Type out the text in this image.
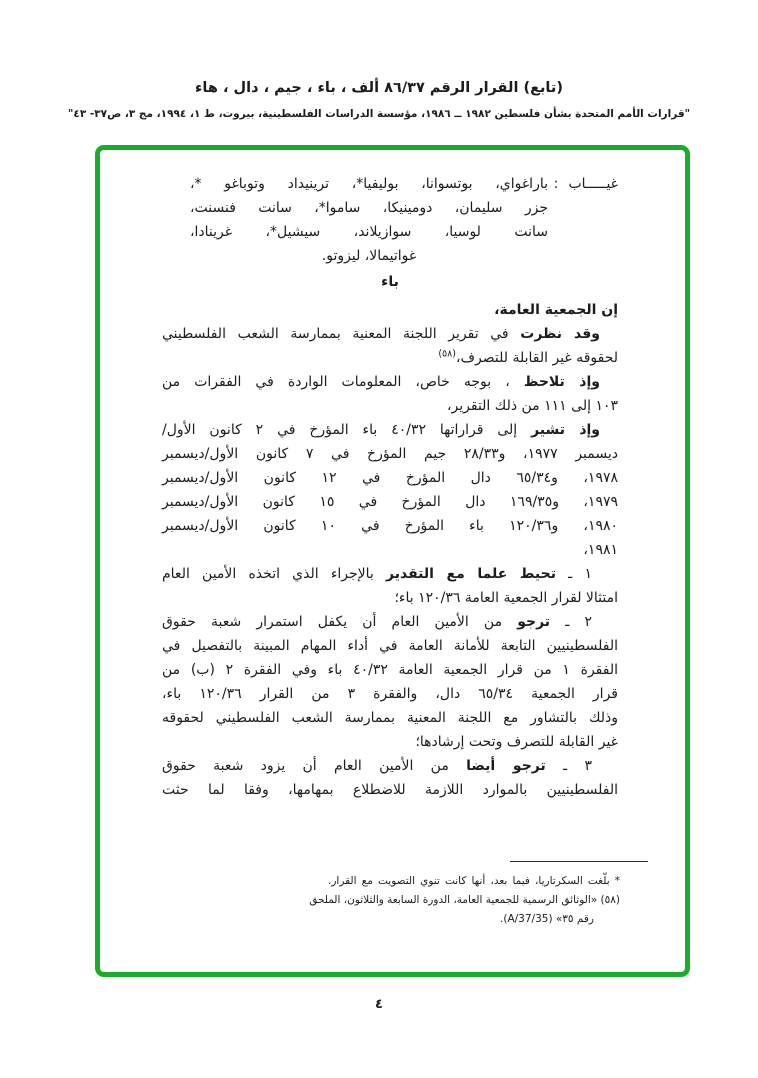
(تابع) القرار الرقم ٨٦/٣٧ ألف ، باء ، جيم ، دال ، هاء
"قرارات الأمم المتحدة بشأن فلسطين ١٩٨٢ ــ ١٩٨٦، مؤسسة الدراسات الفلسطينية، بيروت، ط ١، ١٩٩٤، مج ٣، ص٣٧- ٤٣"
غيـــــاب
:
باراغواي، بوتسوانا، بوليفيا*، ترينيداد وتوباغو *،
جزر سليمان، دومينيكا، ساموا*، سانت فنسنت،
سانت لوسيا، سوازيلاند، سيشيل*، غرينادا،
غواتيمالا، ليزوتو.
باء
إن الجمعية العامة،
وقد نظرت في تقرير اللجنة المعنية بممارسة الشعب الفلسطيني
لحقوقه غير القابلة للتصرف،$^{(٥٨)}$
وإذ تلاحظ ، بوجه خاص، المعلومات الواردة في الفقرات من
١٠٣ إلى ١١١ من ذلك التقرير،
وإذ تشير إلى قراراتها ٤٠/٣٢ باء المؤرخ في ٢ كانون الأول/
ديسمبر ١٩٧٧، و٢٨/٣٣ جيم المؤرخ في ٧ كانون الأول/ديسمبر
١٩٧٨، و٦٥/٣٤ دال المؤرخ في ١٢ كانون الأول/ديسمبر
١٩٧٩، و١٦٩/٣٥ دال المؤرخ في ١٥ كانون الأول/ديسمبر
١٩٨٠، و١٢٠/٣٦ باء المؤرخ في ١٠ كانون الأول/ديسمبر
١٩٨١،
١ ـ تحيط علما مع التقدير بالإجراء الذي اتخذه الأمين العام
امتثالا لقرار الجمعية العامة ١٢٠/٣٦ باء؛
٢ ـ ترجو من الأمين العام أن يكفل استمرار شعبة حقوق
الفلسطينيين التابعة للأمانة العامة في أداء المهام المبينة بالتفصيل في
الفقرة ١ من قرار الجمعية العامة ٤٠/٣٢ باء وفي الفقرة ٢ (ب) من
قرار الجمعية ٦٥/٣٤ دال، والفقرة ٣ من القرار ١٢٠/٣٦ باء،
وذلك بالتشاور مع اللجنة المعنية بممارسة الشعب الفلسطيني لحقوقه
غير القابلة للتصرف وتحت إرشادها؛
٣ ـ ترجو أيضا من الأمين العام أن يزود شعبة حقوق
الفلسطينيين بالموارد اللازمة للاضطلاع بمهامها، وفقا لما حثت
* بلّغت السكرتاريا، فيما بعد، أنها كانت تنوي التصويت مع القرار.
(٥٨) «الوثائق الرسمية للجمعية العامة، الدورة السابعة والثلاثون، الملحق
رقم ٣٥» (A/37/35).
٤
